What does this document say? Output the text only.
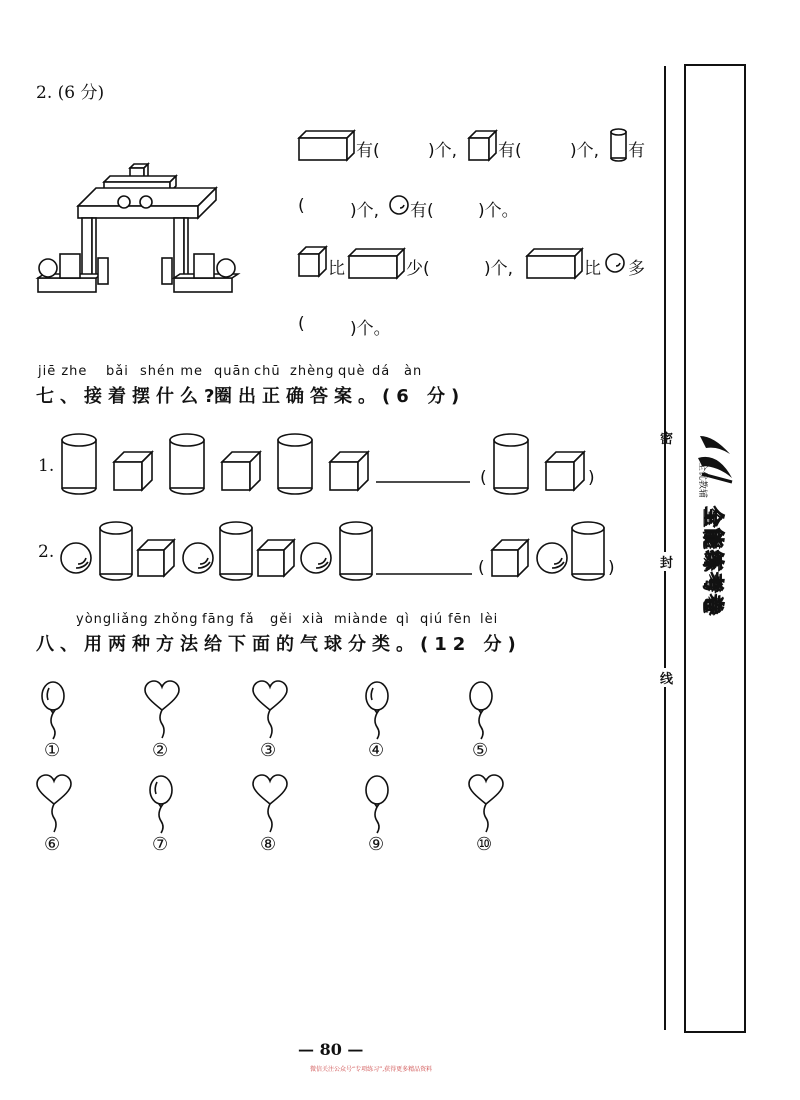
2. (6 分)
有(	)个, 有(	)个, 有
(	)个, 有(	)个。
比	少(	)个,	比 多
(	)个。
jiē zhe bǎi shén me quān chū zhèng què dá àn
七、接着摆什么?
圈出正确答案。(6 分)
1.
(	)
2.
(	)
yòng liǎng zhǒng fāng fǎ gěi xià miàn de qì qiú fēn lèi
八、用两种方法给下面的气球分类。(12 分)
①	②	③	④	⑤
⑥	⑦	⑧	⑨	⑩
密
封
线
全优教辅
全能练考卷
— 80 —
微信关注公众号“专项练习”,获得更多精品资料
